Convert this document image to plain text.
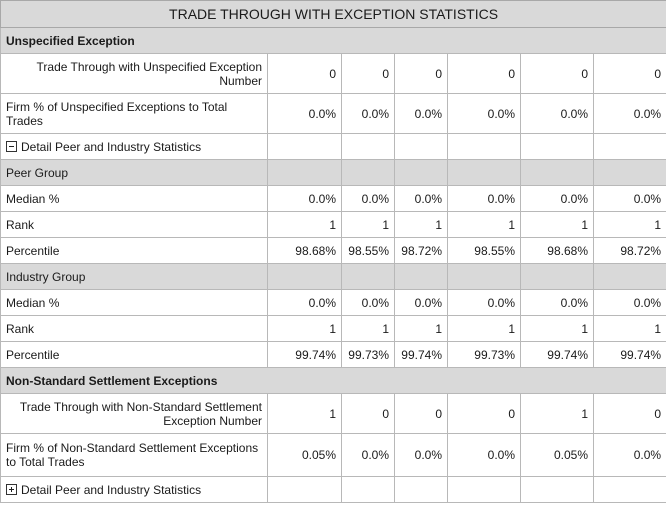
TRADE THROUGH WITH EXCEPTION STATISTICS						
Unspecified Exception						
Trade Through with Unspecified Exception Number	0	0	0	0	0	0
Firm % of Unspecified Exceptions to Total Trades	0.0%	0.0%	0.0%	0.0%	0.0%	0.0%
Detail Peer and Industry Statistics						
Peer Group						
Median %	0.0%	0.0%	0.0%	0.0%	0.0%	0.0%
Rank	1	1	1	1	1	1
Percentile	98.68%	98.55%	98.72%	98.55%	98.68%	98.72%
Industry Group						
Median %	0.0%	0.0%	0.0%	0.0%	0.0%	0.0%
Rank	1	1	1	1	1	1
Percentile	99.74%	99.73%	99.74%	99.73%	99.74%	99.74%
Non-Standard Settlement Exceptions						
Trade Through with Non-Standard Settlement Exception Number	1	0	0	0	1	0
Firm % of Non-Standard Settlement Exceptions to Total Trades	0.05%	0.0%	0.0%	0.0%	0.05%	0.0%
Detail Peer and Industry Statistics						
